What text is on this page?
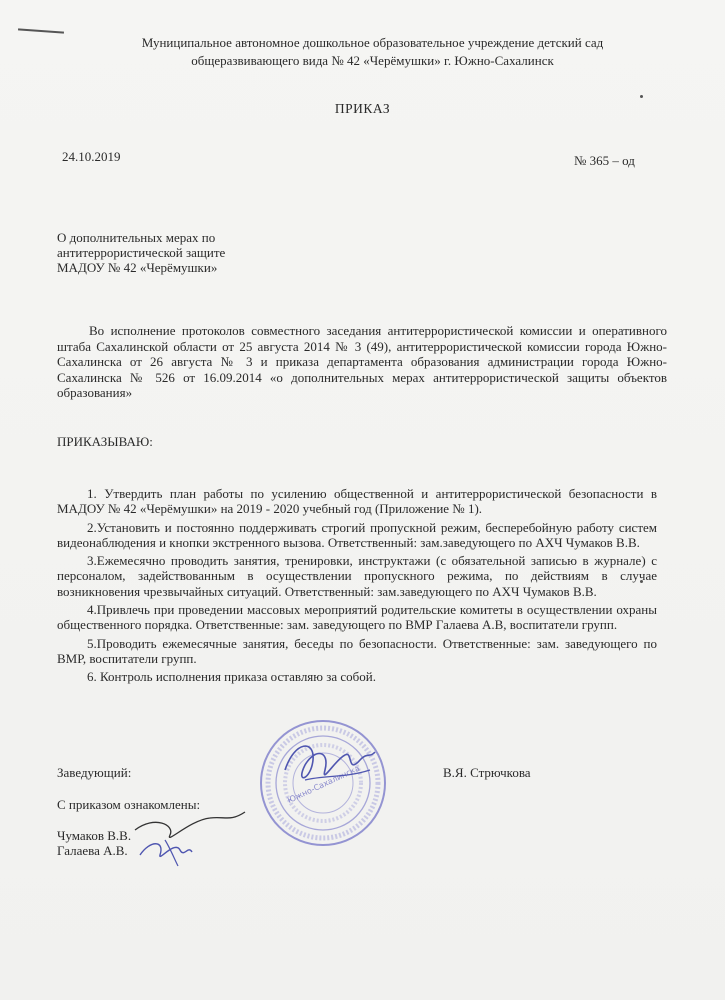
Муниципальное автономное дошкольное образовательное учреждение детский сад
общеразвивающего вида № 42 «Черёмушки» г. Южно-Сахалинск
ПРИКАЗ
24.10.2019	№ 365 – од
О дополнительных мерах по
антитеррористической защите
МАДОУ № 42 «Черёмушки»
Во исполнение протоколов совместного заседания антитеррористической комиссии и оперативного штаба Сахалинской области от 25 августа 2014 № 3 (49), антитеррористичеcкой комиссии города Южно-Сахалинска от 26 августа № 3 и приказа департамента образования администрации города Южно-Сахалинска № 526 от 16.09.2014 «о дополнительных мерах антитеррористической защиты объектов образования»
ПРИКАЗЫВАЮ:

1. Утвердить план работы по усилению общественной и антитеррористической безопасности в МАДОУ № 42 «Черёмушки» на 2019 - 2020 учебный год (Приложение № 1).

2.Установить и постоянно поддерживать строгий пропускной режим, бесперебойную работу систем видеонаблюдения и кнопки экстренного вызова. Ответственный: зам.заведующего по АХЧ Чумаков В.В.

3.Ежемесячно проводить занятия, тренировки, инструктажи (с обязательной записью в журнале) с персоналом, задействованным в осуществлении пропускного режима, по действиям в случае возникновения чрезвычайных ситуаций. Ответственный: зам.заведующего по АХЧ Чумаков В.В.

4.Привлечь при проведении массовых мероприятий родительские комитеты в осуществлении охраны общественного порядка. Ответственные: зам. заведующего по ВМР Галаева А.В, воспитатели групп.

5.Проводить ежемесячные занятия, беседы по безопасности. Ответственные: зам. заведующего по ВМР, воспитатели групп.

6. Контроль исполнения приказа оставляю за собой.

Южно-Сахалинска
Заведующий:	В.Я. Стрючкова
С приказом ознакомлены:
Чумаков В.В.
Галаева А.В.
